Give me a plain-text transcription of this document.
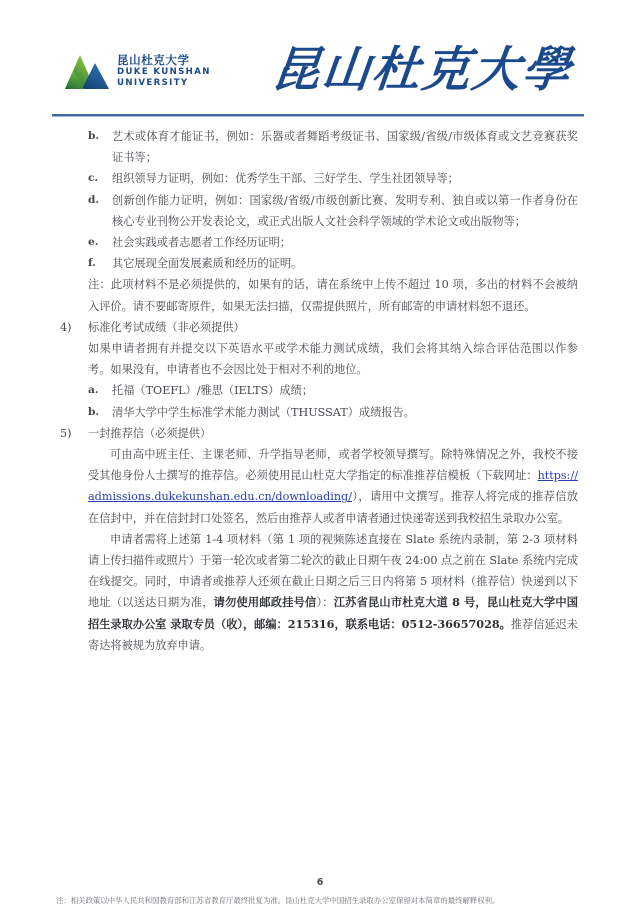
昆山杜克大学
DUKE KUNSHAN
UNIVERSITY	昆山杜克大學
b.	艺术或体育才能证书，例如：乐器或者舞蹈考级证书、国家级/省级/市级体育或文艺竞赛获奖证书等；
c.	组织领导力证明，例如：优秀学生干部、三好学生、学生社团领导等；
d.	创新创作能力证明，例如：国家级/省级/市级创新比赛、发明专利、独自或以第一作者身份在核心专业刊物公开发表论文，或正式出版人文社会科学领域的学术论文或出版物等；
e.	社会实践或者志愿者工作经历证明；
f.	其它展现全面发展素质和经历的证明。

注：此项材料不是必须提供的，如果有的话，请在系统中上传不超过 10 项，多出的材料不会被纳入评价。请不要邮寄原件，如果无法扫描，仅需提供照片，所有邮寄的申请材料恕不退还。

4)	标准化考试成绩（非必须提供）

如果申请者拥有并提交以下英语水平或学术能力测试成绩，我们会将其纳入综合评估范围以作参考。如果没有，申请者也不会因比处于相对不利的地位。

a.	托福（TOEFL）/雅思（IELTS）成绩；
b.	清华大学中学生标准学术能力测试（THUSSAT）成绩报告。
5)	一封推荐信（必须提供）

可由高中班主任、主课老师、升学指导老师，或者学校领导撰写。除特殊情况之外，我校不接受其他身份人士撰写的推荐信。必须使用昆山杜克大学指定的标准推荐信模板（下载网址：https://admissions.dukekunshan.edu.cn/downloading/），请用中文撰写。推荐人将完成的推荐信放在信封中，并在信封封口处签名，然后由推荐人或者申请者通过快递寄送到我校招生录取办公室。

申请者需将上述第 1-4 项材料（第 1 项的视频陈述直接在 Slate 系统内录制，第 2-3 项材料请上传扫描件或照片）于第一轮次或者第二轮次的截止日期午夜 24:00 点之前在 Slate 系统内完成在线提交。同时，申请者或推荐人还须在截止日期之后三日内将第 5 项材料（推荐信）快递到以下地址（以送达日期为准，请勿使用邮政挂号信）：江苏省昆山市杜克大道 8 号，昆山杜克大学中国招生录取办公室 录取专员（收），邮编：215316，联系电话：0512-36657028。推荐信延迟未寄达将被规为放弃申请。

6
注：相关政策以中华人民共和国教育部和江苏省教育厅最终批复为准。昆山杜克大学中国招生录取办公室保留对本简章的最终解释权利。
